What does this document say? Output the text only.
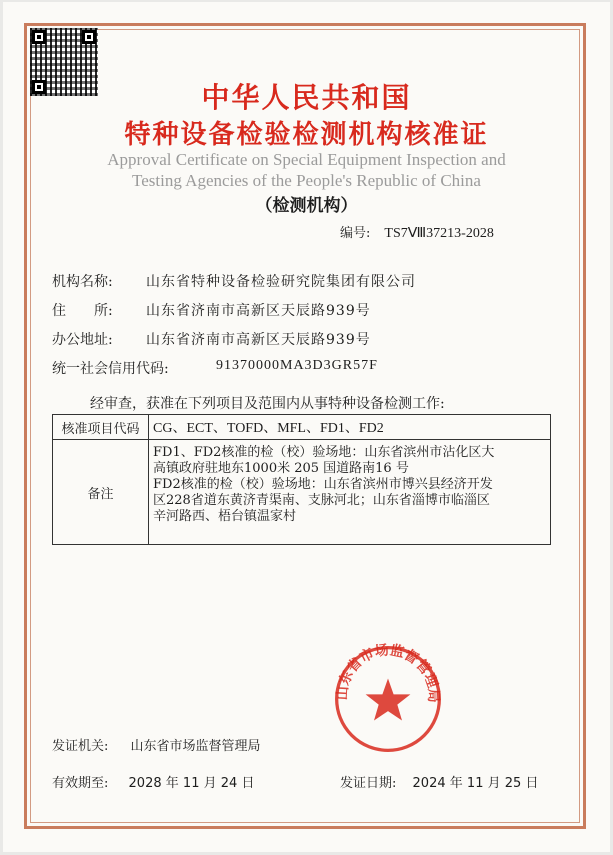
中华人民共和国
特种设备检验检测机构核准证
Approval Certificate on Special Equipment Inspection and
Testing Agencies of the People's Republic of China
（检测机构）
编号: TS7Ⅷ37213-2028
机构名称: 山东省特种设备检验研究院集团有限公司
住　　所: 山东省济南市高新区天辰路939号
办公地址: 山东省济南市高新区天辰路939号
统一社会信用代码:	91370000MA3D3GR57F
经审查，获准在下列项目及范围内从事特种设备检测工作:
核准项目代码	CG、ECT、TOFD、MFL、FD1、FD2
备注	FD1、FD2核准的检（校）验场地：山东省滨州市沾化区大
高镇政府驻地东1000米 205 国道路南16 号
FD2核准的检（校）验场地：山东省滨州市博兴县经济开发
区228省道东黄济青渠南、支脉河北；山东省淄博市临淄区
辛河路西、梧台镇温家村
山东省市场监督管理局
发证机关: 山东省市场监督管理局
有效期至: 2028 年 11 月 24 日	发证日期: 2024 年 11 月 25 日
